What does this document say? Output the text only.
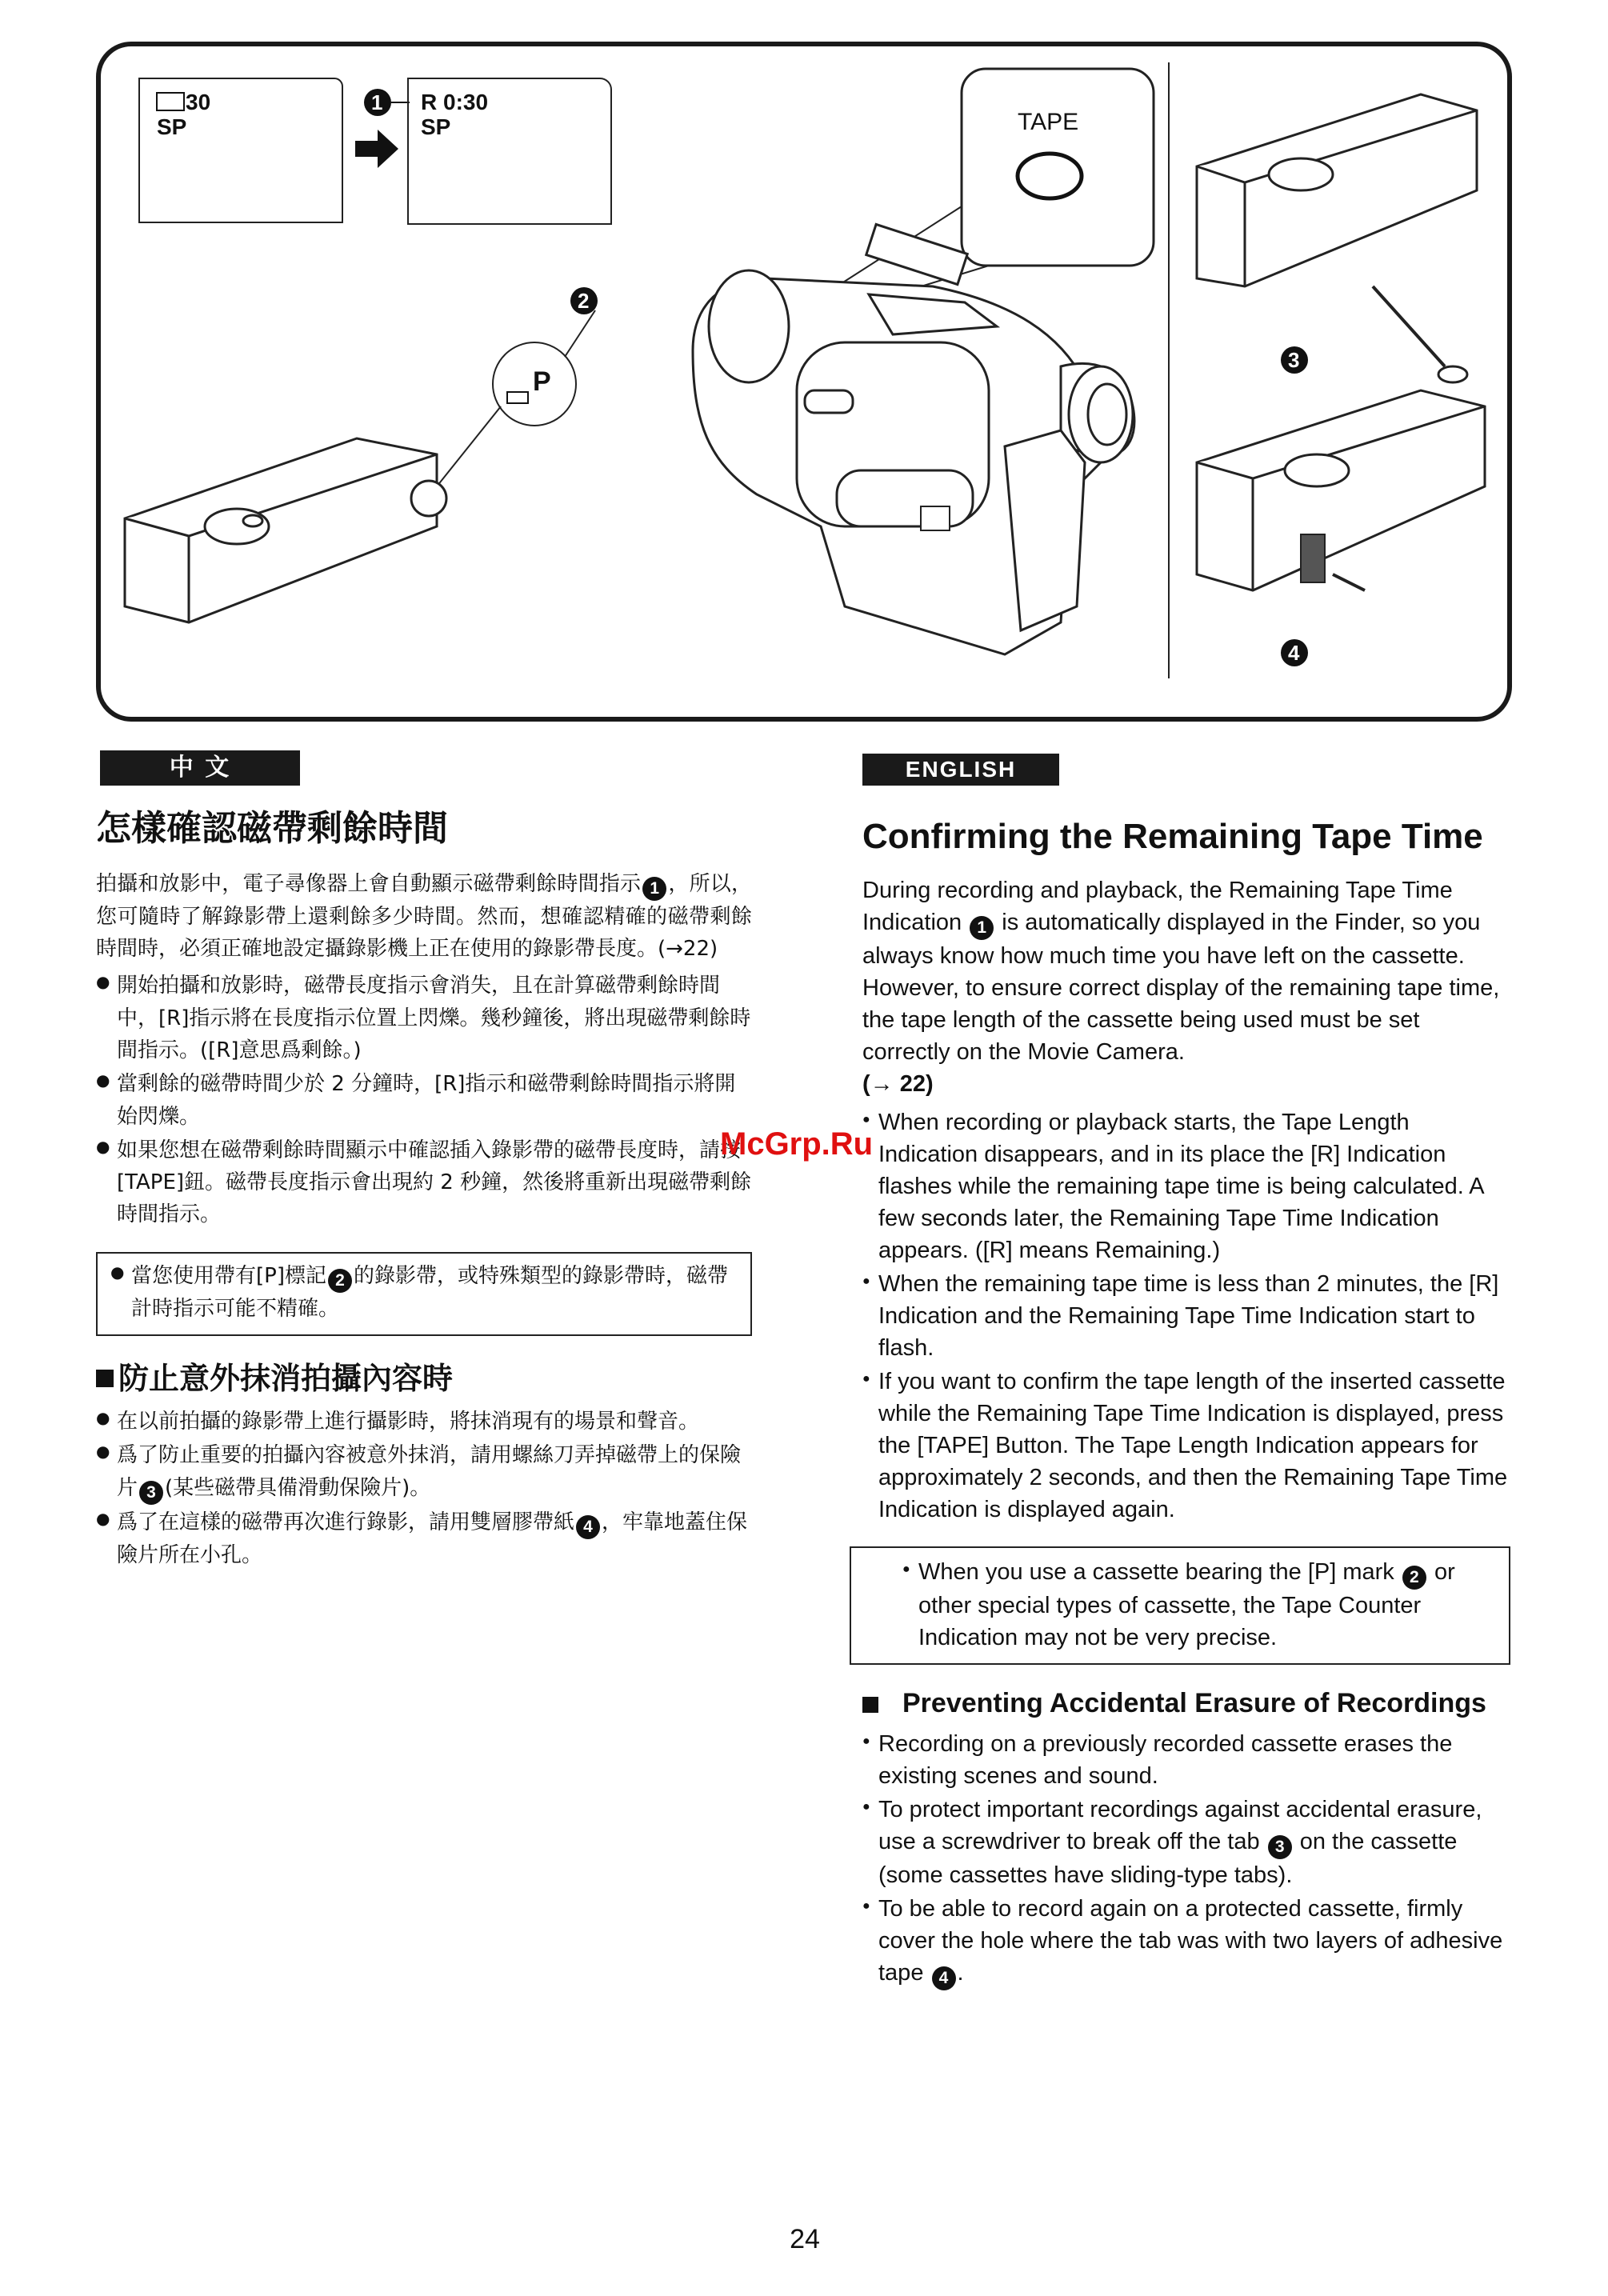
30
SP
1 R 0:30
SP	TAPE
P
2
3
4
中 文
怎樣確認磁帶剩餘時間

拍攝和放影中，電子尋像器上會自動顯示磁帶剩餘時間指示 1 ，所以，您可隨時了解錄影帶上還剩餘多少時間。然而，想確認精確的磁帶剩餘時間時，必須正確地設定攝錄影機上正在使用的錄影帶長度。(→22)

● 開始拍攝和放影時，磁帶長度指示會消失，且在計算磁帶剩餘時間中，[R]指示將在長度指示位置上閃爍。幾秒鐘後，將出現磁帶剩餘時間指示。([R]意思爲剩餘。)
● 當剩餘的磁帶時間少於 2 分鐘時，[R]指示和磁帶剩餘時間指示將開始閃爍。
● 如果您想在磁帶剩餘時間顯示中確認插入錄影帶的磁帶長度時，請按[TAPE]鈕。磁帶長度指示會出現約 2 秒鐘，然後將重新出現磁帶剩餘時間指示。
● 當您使用帶有[P]標記 2 的錄影帶，或特殊類型的錄影帶時，磁帶計時指示可能不精確。
防止意外抹消拍攝內容時
● 在以前拍攝的錄影帶上進行攝影時，將抹消現有的場景和聲音。
● 爲了防止重要的拍攝內容被意外抹消，請用螺絲刀弄掉磁帶上的保險片 3 (某些磁帶具備滑動保險片)。
● 爲了在這樣的磁帶再次進行錄影，請用雙層膠帶紙 4 ，牢靠地蓋住保險片所在小孔。
ENGLISH
Confirming the Remaining Tape Time

During recording and playback, the Remaining Tape Time Indication 1 is automatically displayed in the Finder, so you always know how much time you have left on the cassette. However, to ensure correct display of the remaining tape time, the tape length of the cassette being used must be set correctly on the Movie Camera.
(→ 22)

● When recording or playback starts, the Tape Length Indication disappears, and in its place the [R] Indication flashes while the remaining tape time is being calculated. A few seconds later, the Remaining Tape Time Indication appears. ([R] means Remaining.)
● When the remaining tape time is less than 2 minutes, the [R] Indication and the Remaining Tape Time Indication start to flash.
● If you want to confirm the tape length of the inserted cassette while the Remaining Tape Time Indication is displayed, press the [TAPE] Button. The Tape Length Indication appears for approximately 2 seconds, and then the Remaining Tape Time Indication is displayed again.
● When you use a cassette bearing the [P] mark 2 or other special types of cassette, the Tape Counter Indication may not be very precise.
Preventing Accidental Erasure of Recordings
● Recording on a previously recorded cassette erases the existing scenes and sound.
● To protect important recordings against accidental erasure, use a screwdriver to break off the tab 3 on the cassette (some cassettes have sliding-type tabs).
● To be able to record again on a protected cassette, firmly cover the hole where the tab was with two layers of adhesive tape 4 .
McGrp.Ru
24
